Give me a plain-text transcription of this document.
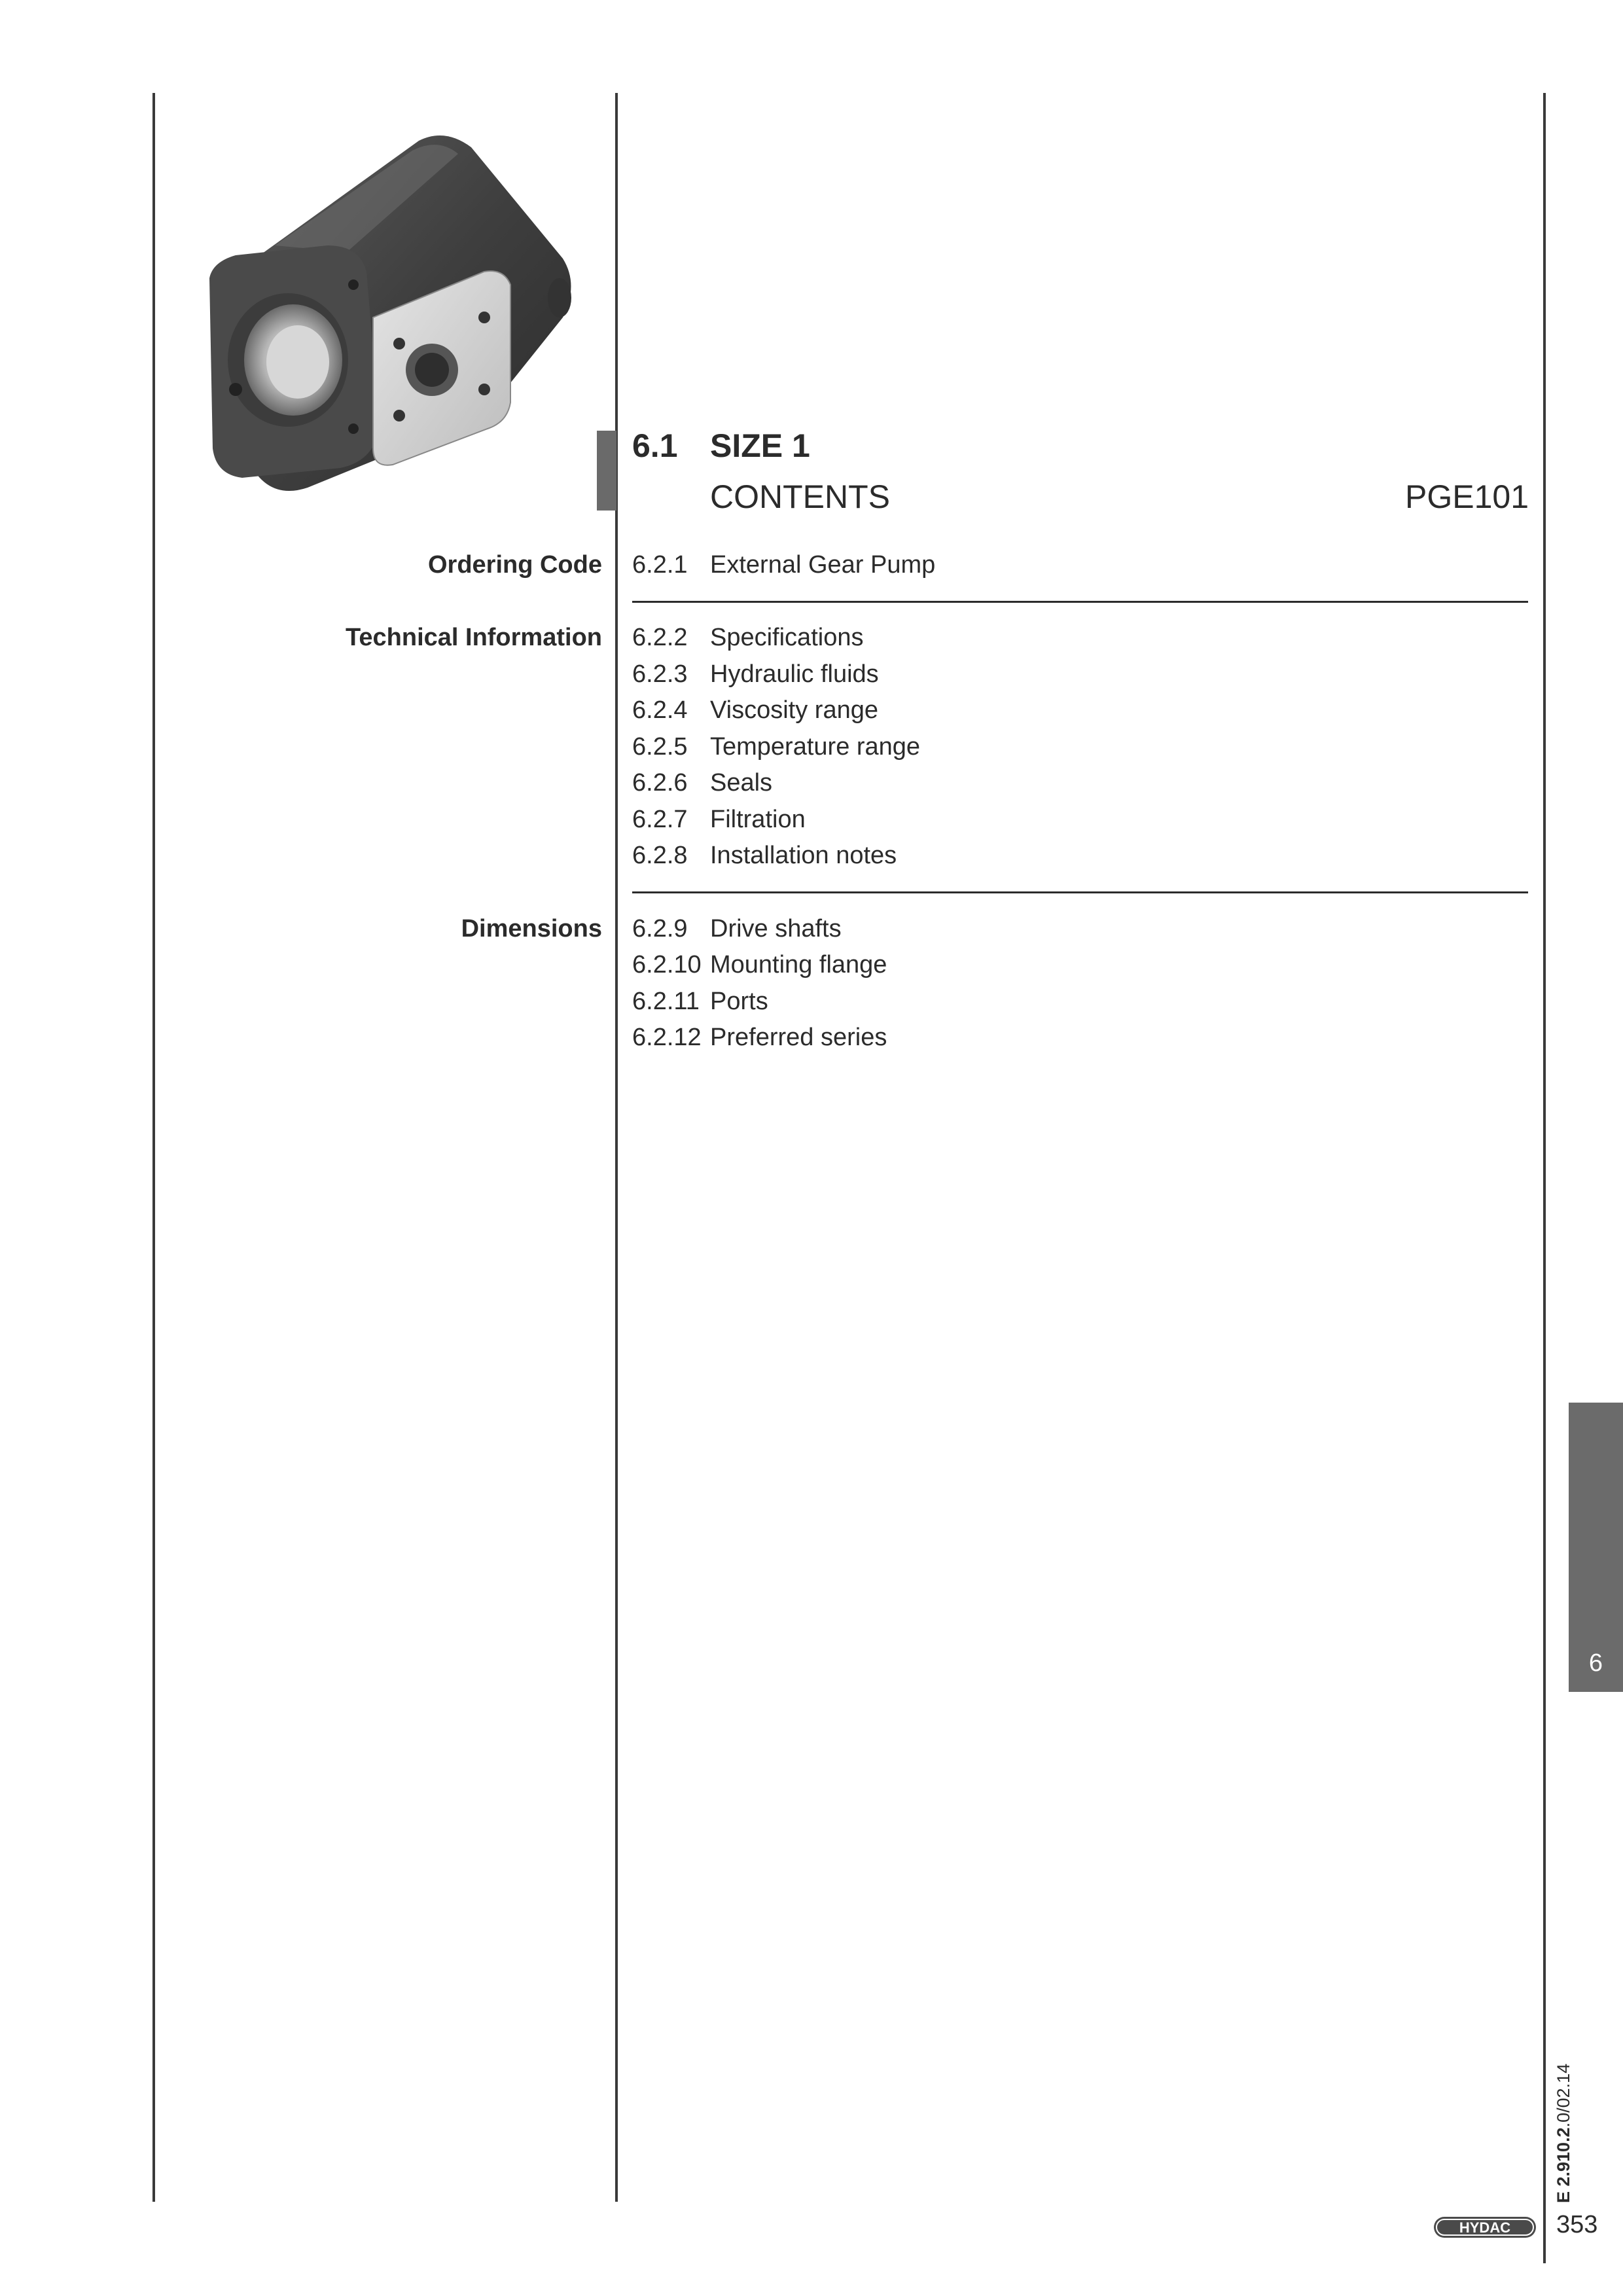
6.1 SIZE 1
CONTENTS	PGE101
Ordering Code 6.2.1 External Gear Pump
Technical Information 6.2.2 Specifications
6.2.3 Hydraulic fluids
6.2.4 Viscosity range
6.2.5 Temperature range
6.2.6 Seals
6.2.7 Filtration
6.2.8 Installation notes
Dimensions 6.2.9 Drive shafts
6.2.10 Mounting flange
6.2.11 Ports
6.2.12 Preferred series
6
E 2.910.2.0/02.14
HYDAC 353
